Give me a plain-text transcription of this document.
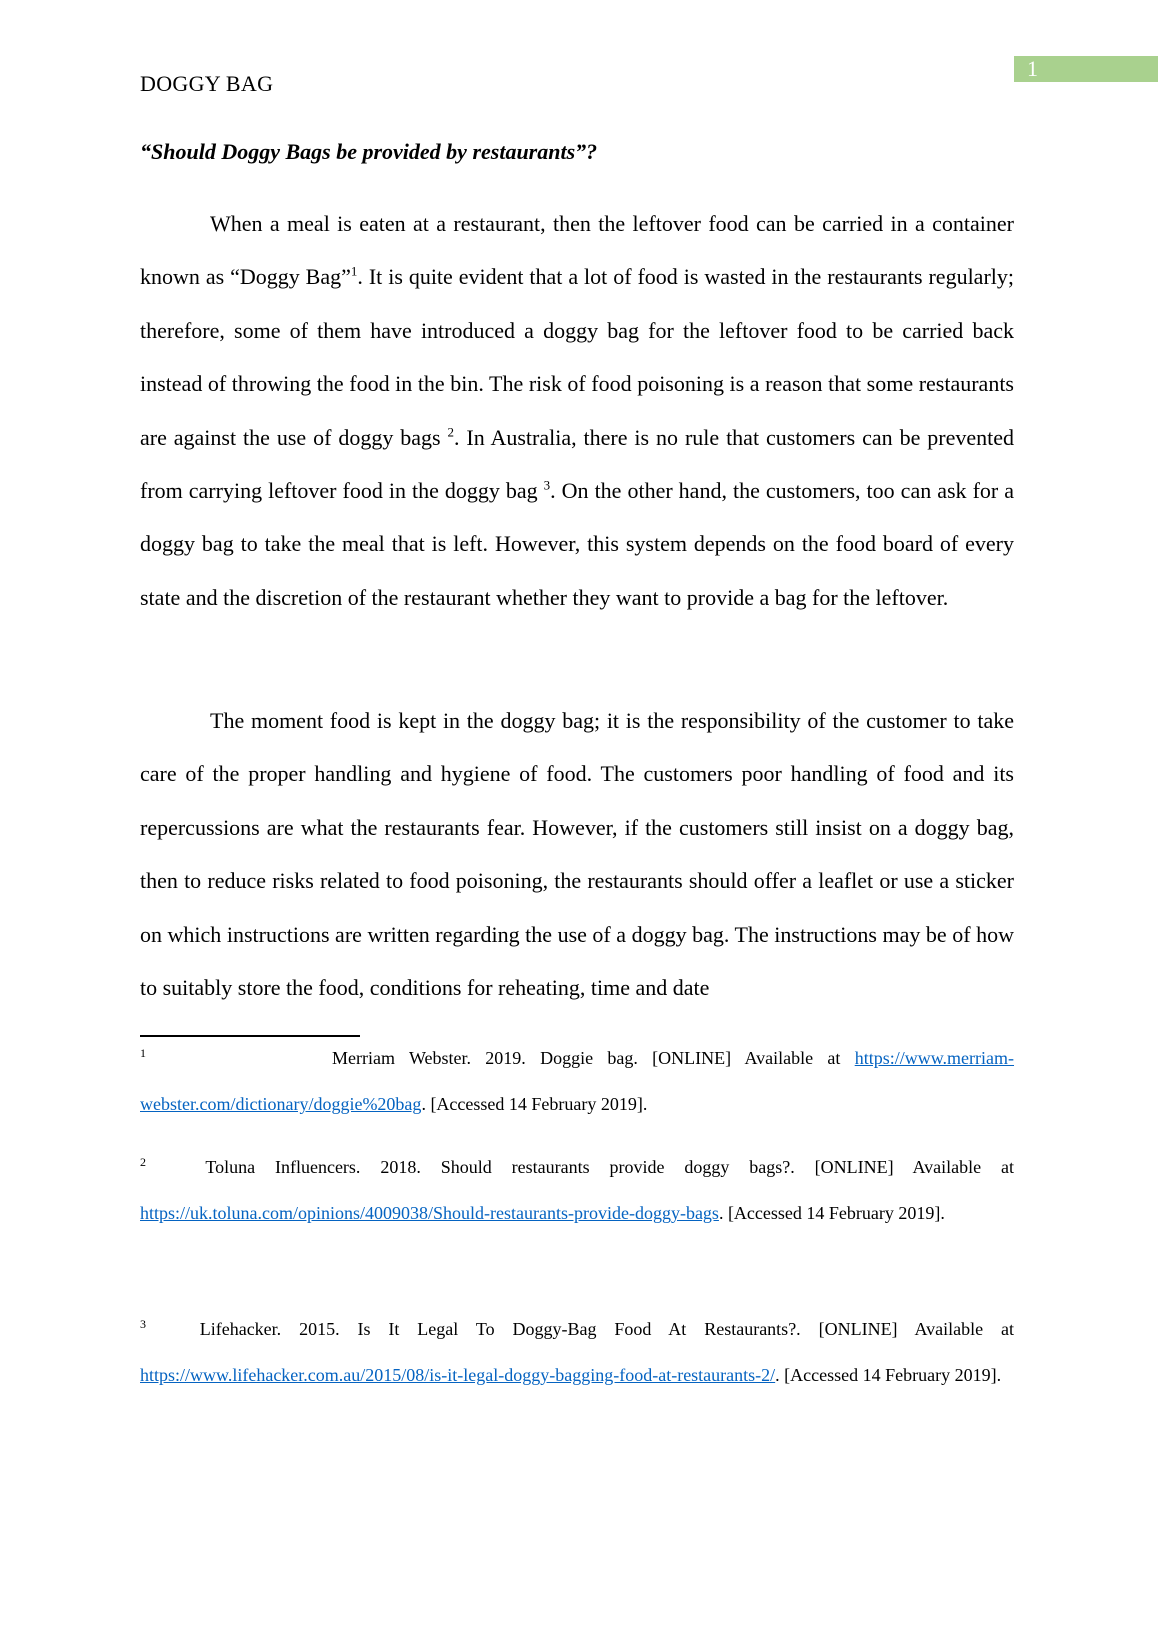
1
DOGGY BAG
“Should Doggy Bags be provided by restaurants”?

When a meal is eaten at a restaurant, then the leftover food can be carried in a container known as “Doggy Bag”$^1$. It is quite evident that a lot of food is wasted in the restaurants regularly; therefore, some of them have introduced a doggy bag for the leftover food to be carried back instead of throwing the food in the bin. The risk of food poisoning is a reason that some restaurants are against the use of doggy bags $^2$. In Australia, there is no rule that customers can be prevented from carrying leftover food in the doggy bag $^3$. On the other hand, the customers, too can ask for a doggy bag to take the meal that is left. However, this system depends on the food board of every state and the discretion of the restaurant whether they want to provide a bag for the leftover.

The moment food is kept in the doggy bag; it is the responsibility of the customer to take care of the proper handling and hygiene of food. The customers poor handling of food and its repercussions are what the restaurants fear. However, if the customers still insist on a doggy bag, then to reduce risks related to food poisoning, the restaurants should offer a leaflet or use a sticker on which instructions are written regarding the use of a doggy bag. The instructions may be of how to suitably store the food, conditions for reheating, time and date

$^1$	Merriam Webster. 2019. Doggie bag. [ONLINE] Available at https://www.merriam-webster.com/dictionary/doggie%20bag. [Accessed 14 February 2019].

$^2$	Toluna Influencers. 2018. Should restaurants provide doggy bags?. [ONLINE] Available at https://uk.toluna.com/opinions/4009038/Should-restaurants-provide-doggy-bags. [Accessed 14 February 2019].

$^3$	Lifehacker. 2015. Is It Legal To Doggy-Bag Food At Restaurants?. [ONLINE] Available at https://www.lifehacker.com.au/2015/08/is-it-legal-doggy-bagging-food-at-restaurants-2/. [Accessed 14 February 2019].
